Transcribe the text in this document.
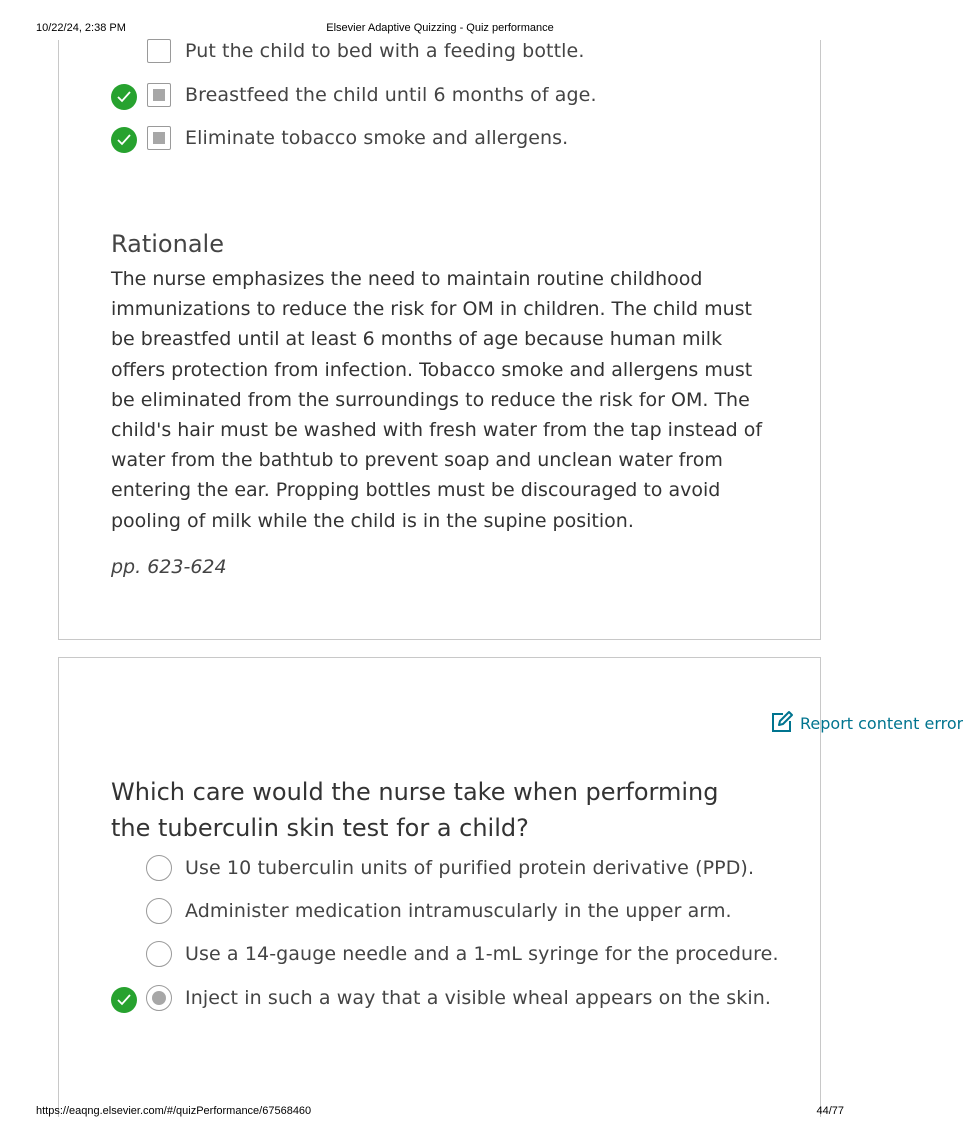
10/22/24, 2:38 PM	Elsevier Adaptive Quizzing - Quiz performance
Put the child to bed with a feeding bottle.
Breastfeed the child until 6 months of age.
Eliminate tobacco smoke and allergens.
Rationale
The nurse emphasizes the need to maintain routine childhood immunizations to reduce the risk for OM in children. The child must be breastfed until at least 6 months of age because human milk offers protection from infection. Tobacco smoke and allergens must be eliminated from the surroundings to reduce the risk for OM. The child's hair must be washed with fresh water from the tap instead of water from the bathtub to prevent soap and unclean water from entering the ear. Propping bottles must be discouraged to avoid pooling of milk while the child is in the supine position.
pp. 623-624
Report content error
Which care would the nurse take when performing the tuberculin skin test for a child?
Use 10 tuberculin units of purified protein derivative (PPD).
Administer medication intramuscularly in the upper arm.
Use a 14-gauge needle and a 1-mL syringe for the procedure.
Inject in such a way that a visible wheal appears on the skin.
https://eaqng.elsevier.com/#/quizPerformance/67568460	44/77
